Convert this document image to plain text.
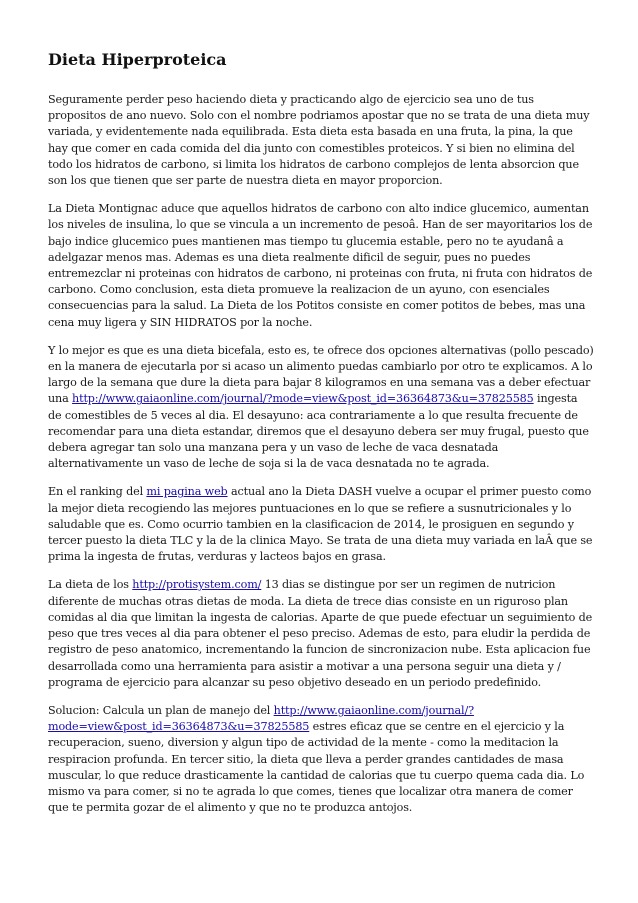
Dieta Hiperproteica

Seguramente perder peso haciendo dieta y practicando algo de ejercicio sea uno de tus propositos de ano nuevo. Solo con el nombre podriamos apostar que no se trata de una dieta muy variada, y evidentemente nada equilibrada. Esta dieta esta basada en una fruta, la pina, la que hay que comer en cada comida del dia junto con comestibles proteicos. Y si bien no elimina del todo los hidratos de carbono, si limita los hidratos de carbono complejos de lenta absorcion que son los que tienen que ser parte de nuestra dieta en mayor proporcion.

La Dieta Montignac aduce que aquellos hidratos de carbono con alto indice glucemico, aumentan los niveles de insulina, lo que se vincula a un incremento de pesoâ. Han de ser mayoritarios los de bajo indice glucemico pues mantienen mas tiempo tu glucemia estable, pero no te ayudanâ a adelgazar menos mas. Ademas es una dieta realmente dificil de seguir, pues no puedes entremezclar ni proteinas con hidratos de carbono, ni proteinas con fruta, ni fruta con hidratos de carbono. Como conclusion, esta dieta promueve la realizacion de un ayuno, con esenciales consecuencias para la salud. La Dieta de los Potitos consiste en comer potitos de bebes, mas una cena muy ligera y SIN HIDRATOS por la noche.

Y lo mejor es que es una dieta bicefala, esto es, te ofrece dos opciones alternativas (pollo pescado) en la manera de ejecutarla por si acaso un alimento puedas cambiarlo por otro te explicamos. A lo largo de la semana que dure la dieta para bajar 8 kilogramos en una semana vas a deber efectuar una http://www.gaiaonline.com/journal/?mode=view&post_id=36364873&u=37825585 ingesta de comestibles de 5 veces al dia. El desayuno: aca contrariamente a lo que resulta frecuente de recomendar para una dieta estandar, diremos que el desayuno debera ser muy frugal, puesto que debera agregar tan solo una manzana pera y un vaso de leche de vaca desnatada alternativamente un vaso de leche de soja si la de vaca desnatada no te agrada.

En el ranking del mi pagina web actual ano la Dieta DASH vuelve a ocupar el primer puesto como la mejor dieta recogiendo las mejores puntuaciones en lo que se refiere a susnutricionales y lo saludable que es. Como ocurrio tambien en la clasificacion de 2014, le prosiguen en segundo y tercer puesto la dieta TLC y la de la clinica Mayo. Se trata de una dieta muy variada en laÂ que se prima la ingesta de frutas, verduras y lacteos bajos en grasa.

La dieta de los http://protisystem.com/ 13 dias se distingue por ser un regimen de nutricion diferente de muchas otras dietas de moda. La dieta de trece dias consiste en un riguroso plan comidas al dia que limitan la ingesta de calorias. Aparte de que puede efectuar un seguimiento de peso que tres veces al dia para obtener el peso preciso. Ademas de esto, para eludir la perdida de registro de peso anatomico, incrementando la funcion de sincronizacion nube. Esta aplicacion fue desarrollada como una herramienta para asistir a motivar a una persona seguir una dieta y / programa de ejercicio para alcanzar su peso objetivo deseado en un periodo predefinido.

Solucion: Calcula un plan de manejo del http://www.gaiaonline.com/journal/?mode=view&post_id=36364873&u=37825585 estres eficaz que se centre en el ejercicio y la recuperacion, sueno, diversion y algun tipo de actividad de la mente - como la meditacion la respiracion profunda. En tercer sitio, la dieta que lleva a perder grandes cantidades de masa muscular, lo que reduce drasticamente la cantidad de calorias que tu cuerpo quema cada dia. Lo mismo va para comer, si no te agrada lo que comes, tienes que localizar otra manera de comer que te permita gozar de el alimento y que no te produzca antojos.
